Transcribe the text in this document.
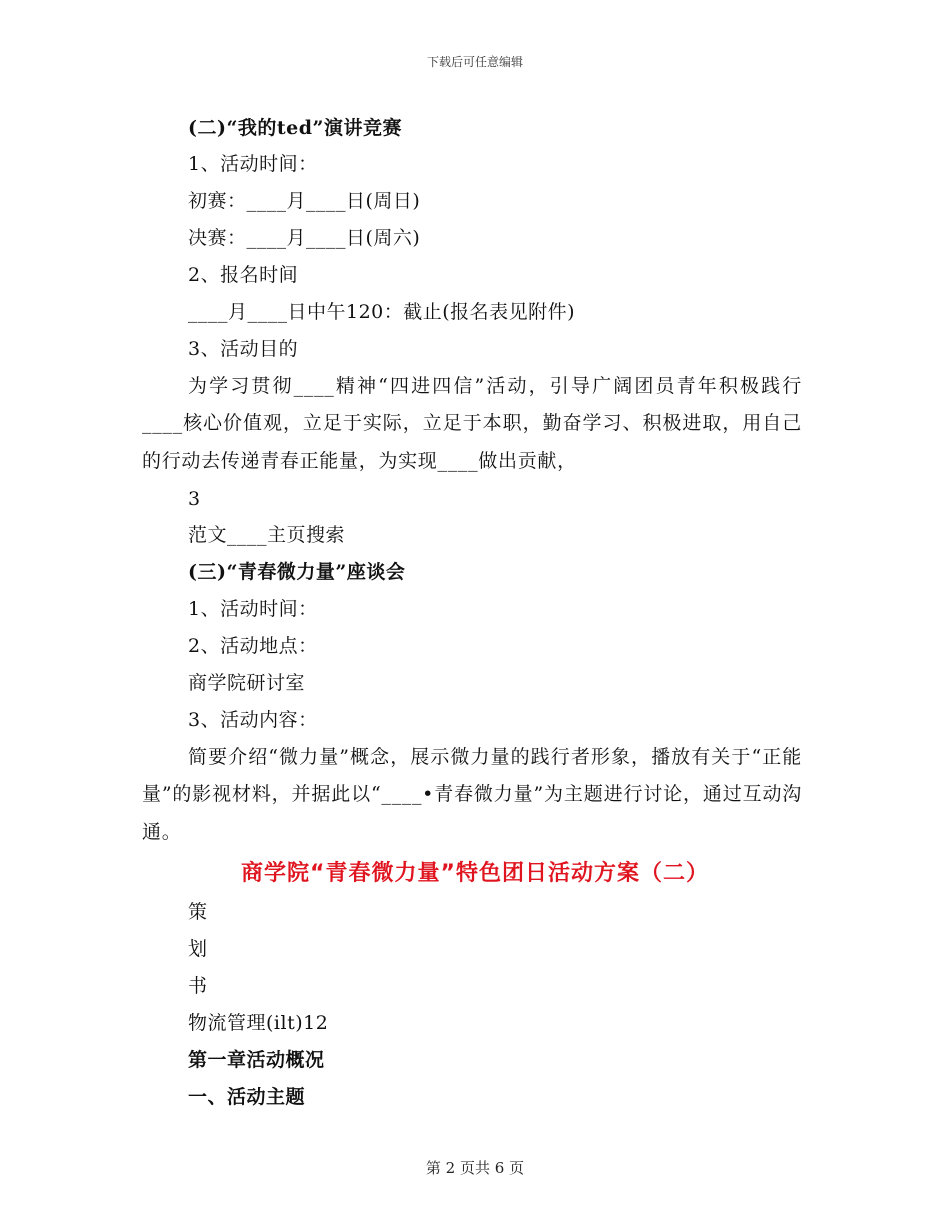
下载后可任意编辑
(二)“我的ted”演讲竞赛
1、活动时间：
初赛：____月____日(周日)
决赛：____月____日(周六)
2、报名时间
____月____日中午120：截止(报名表见附件)
3、活动目的
为学习贯彻____精神“四进四信”活动，引导广阔团员青年积极践行____核心价值观，立足于实际，立足于本职，勤奋学习、积极进取，用自己的行动去传递青春正能量，为实现____做出贡献，
3
范文____主页搜索
(三)“青春微力量”座谈会
1、活动时间：
2、活动地点：
商学院研讨室
3、活动内容：
简要介绍“微力量”概念，展示微力量的践行者形象，播放有关于“正能量”的影视材料，并据此以“____•青春微力量”为主题进行讨论，通过互动沟通。
商学院“青春微力量”特色团日活动方案（二）
策
划
书
物流管理(ilt)12
第一章活动概况
一、活动主题
第 2 页共 6 页
